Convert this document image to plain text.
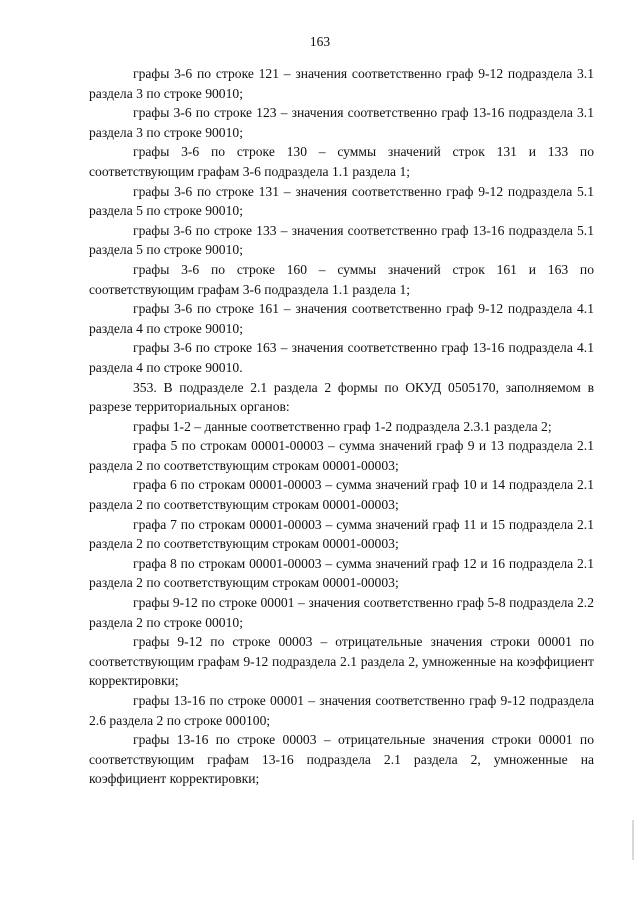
163

графы 3-6 по строке 121 – значения соответственно граф 9-12 подраздела 3.1 раздела 3 по строке 90010;

графы 3-6 по строке 123 – значения соответственно граф 13-16 подраздела 3.1 раздела 3 по строке 90010;

графы 3-6 по строке 130 – суммы значений строк 131 и 133 по соответствующим графам 3-6 подраздела 1.1 раздела 1;

графы 3-6 по строке 131 – значения соответственно граф 9-12 подраздела 5.1 раздела 5 по строке 90010;

графы 3-6 по строке 133 – значения соответственно граф 13-16 подраздела 5.1 раздела 5 по строке 90010;

графы 3-6 по строке 160 – суммы значений строк 161 и 163 по соответствующим графам 3-6 подраздела 1.1 раздела 1;

графы 3-6 по строке 161 – значения соответственно граф 9-12 подраздела 4.1 раздела 4 по строке 90010;

графы 3-6 по строке 163 – значения соответственно граф 13-16 подраздела 4.1 раздела 4 по строке 90010.

353. В подразделе 2.1 раздела 2 формы по ОКУД 0505170, заполняемом в разрезе территориальных органов:

графы 1-2 – данные соответственно граф 1-2 подраздела 2.3.1 раздела 2;

графа 5 по строкам 00001-00003 – сумма значений граф 9 и 13 подраздела 2.1 раздела 2 по соответствующим строкам 00001-00003;

графа 6 по строкам 00001-00003 – сумма значений граф 10 и 14 подраздела 2.1 раздела 2 по соответствующим строкам 00001-00003;

графа 7 по строкам 00001-00003 – сумма значений граф 11 и 15 подраздела 2.1 раздела 2 по соответствующим строкам 00001-00003;

графа 8 по строкам 00001-00003 – сумма значений граф 12 и 16 подраздела 2.1 раздела 2 по соответствующим строкам 00001-00003;

графы 9-12 по строке 00001 – значения соответственно граф 5-8 подраздела 2.2 раздела 2 по строке 00010;

графы 9-12 по строке 00003 – отрицательные значения строки 00001 по соответствующим графам 9-12 подраздела 2.1 раздела 2, умноженные на коэффициент корректировки;

графы 13-16 по строке 00001 – значения соответственно граф 9-12 подраздела 2.6 раздела 2 по строке 000100;

графы 13-16 по строке 00003 – отрицательные значения строки 00001 по соответствующим графам 13-16 подраздела 2.1 раздела 2, умноженные на коэффициент корректировки;
